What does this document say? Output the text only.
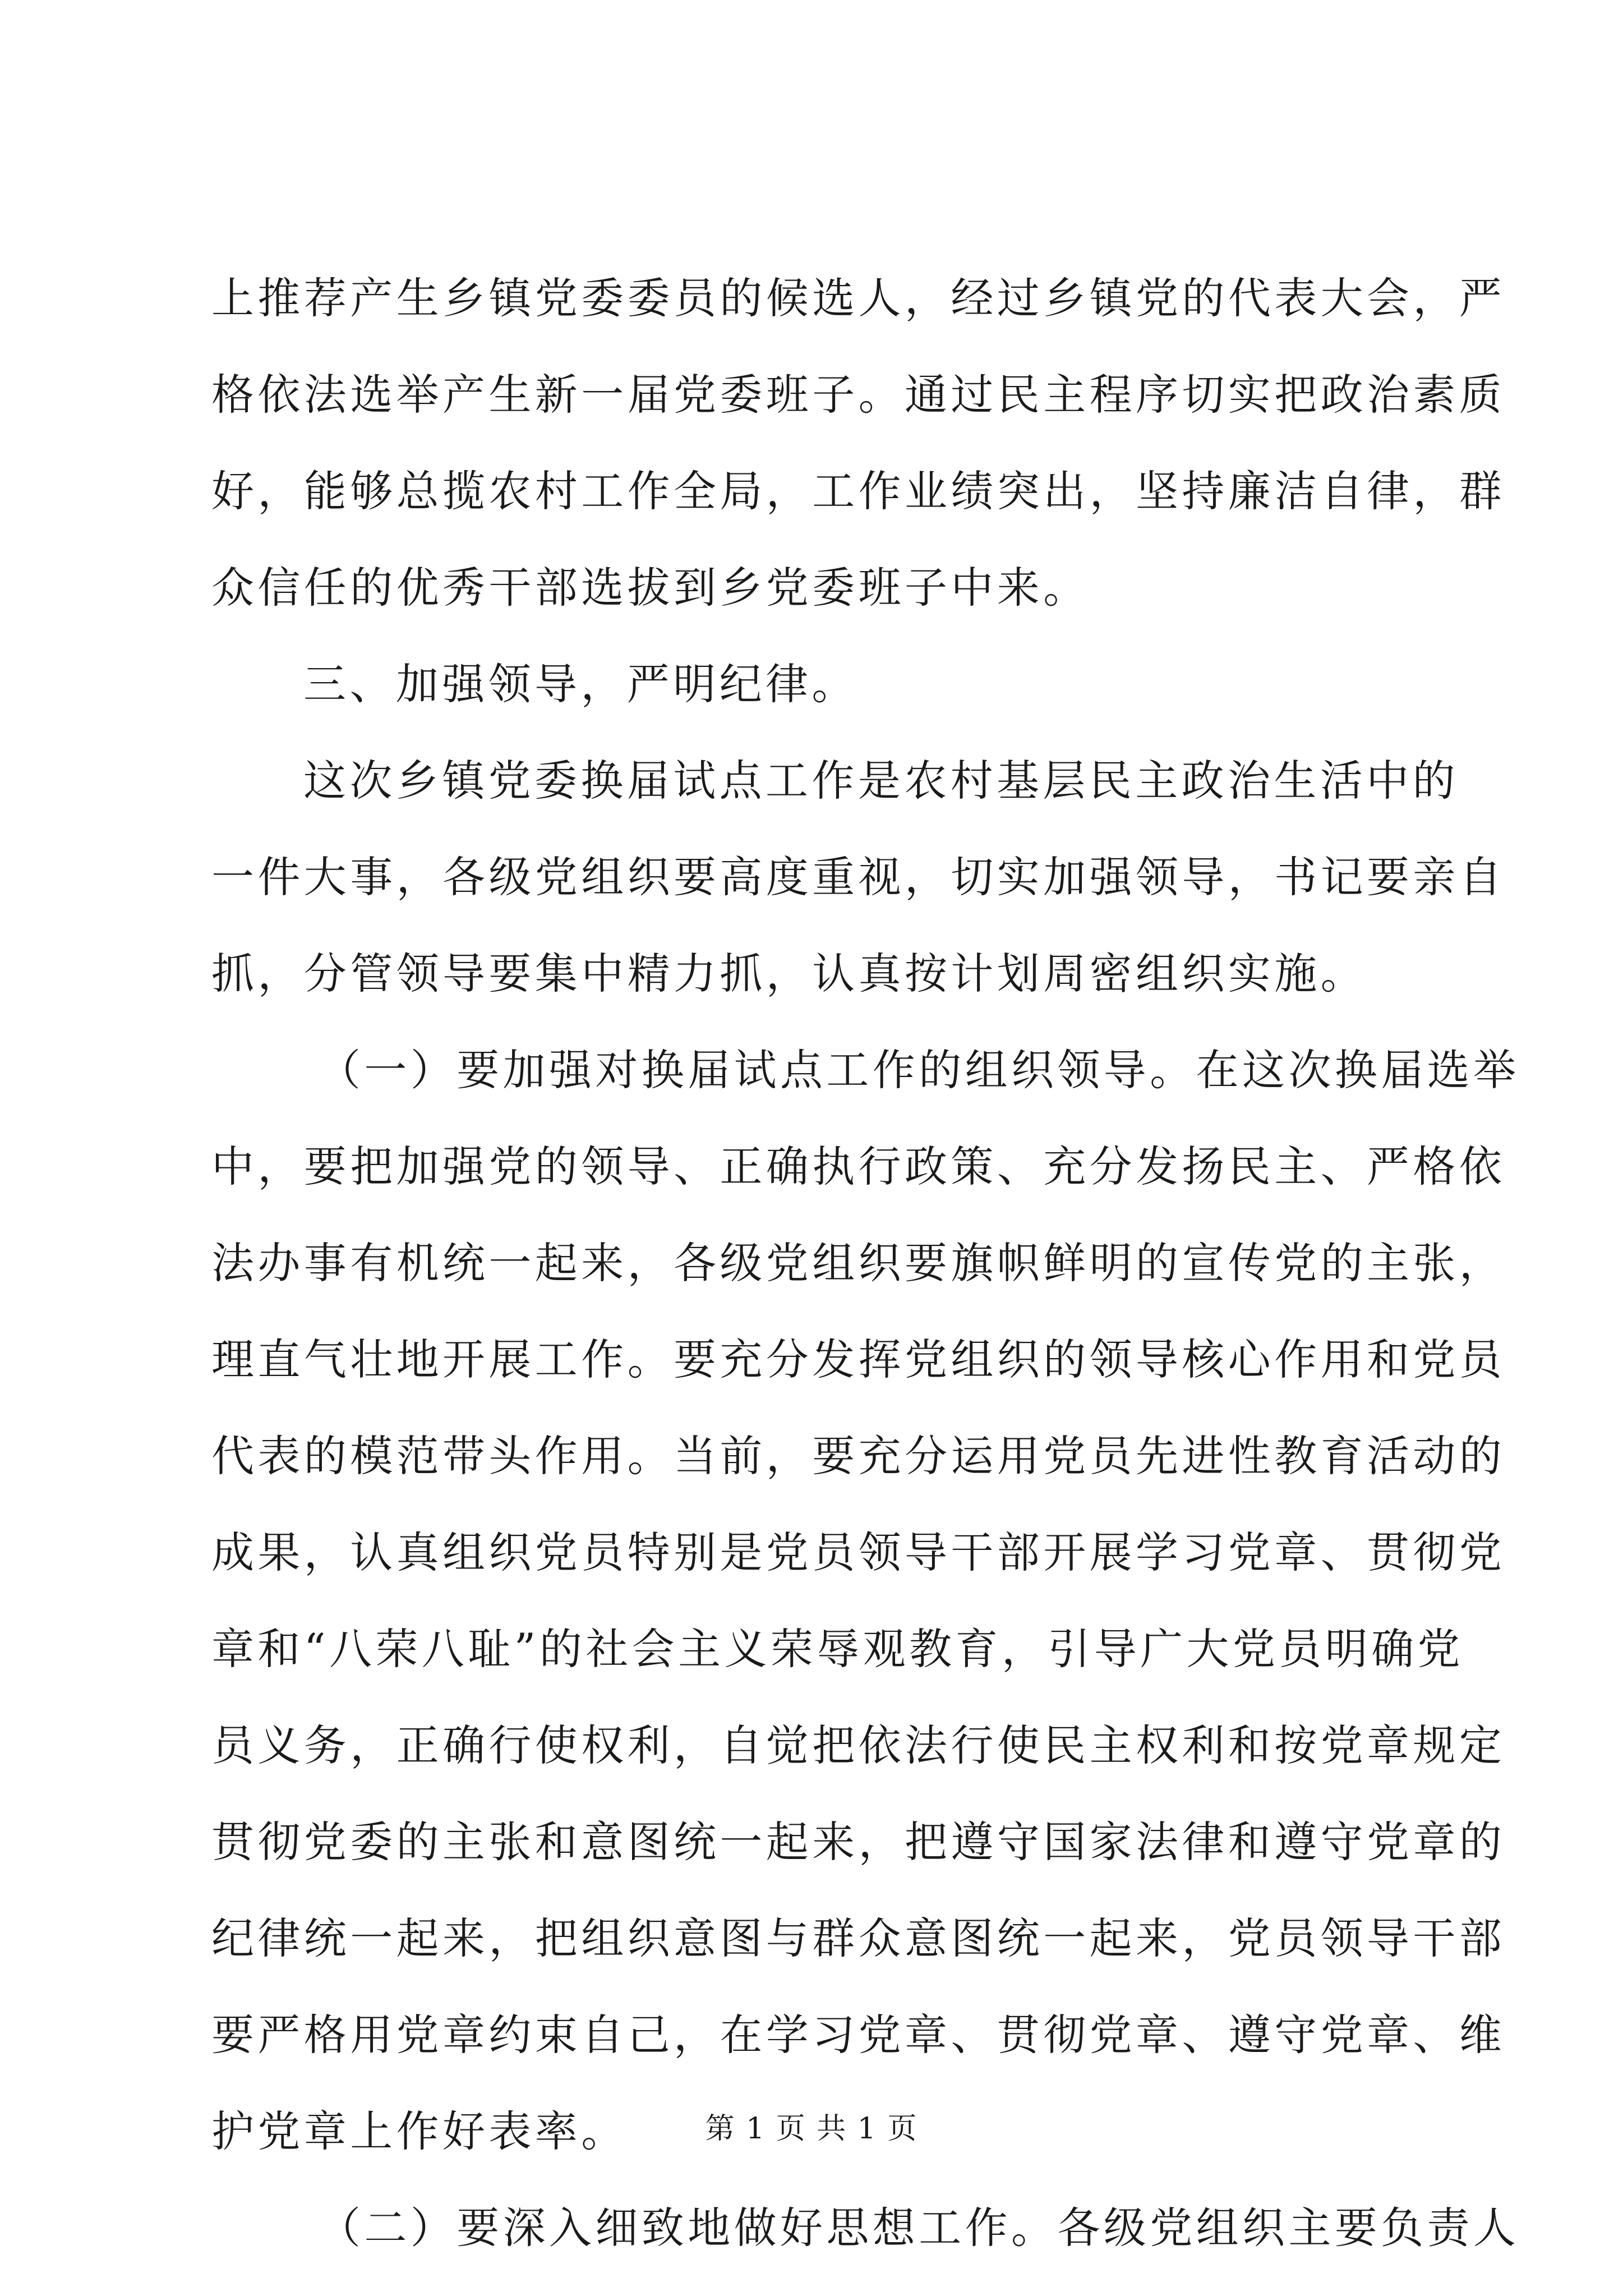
上推荐产生乡镇党委委员的候选人，经过乡镇党的代表大会，严
格依法选举产生新一届党委班子。通过民主程序切实把政治素质
好，能够总揽农村工作全局，工作业绩突出，坚持廉洁自律，群
众信任的优秀干部选拔到乡党委班子中来。
三、加强领导，严明纪律。
这次乡镇党委换届试点工作是农村基层民主政治生活中的
一件大事，各级党组织要高度重视，切实加强领导，书记要亲自
抓，分管领导要集中精力抓，认真按计划周密组织实施。
（一）要加强对换届试点工作的组织领导。在这次换届选举
中，要把加强党的领导、正确执行政策、充分发扬民主、严格依
法办事有机统一起来，各级党组织要旗帜鲜明的宣传党的主张，
理直气壮地开展工作。要充分发挥党组织的领导核心作用和党员
代表的模范带头作用。当前，要充分运用党员先进性教育活动的
成果，认真组织党员特别是党员领导干部开展学习党章、贯彻党
章和“八荣八耻”的社会主义荣辱观教育，引导广大党员明确党
员义务，正确行使权利，自觉把依法行使民主权利和按党章规定
贯彻党委的主张和意图统一起来，把遵守国家法律和遵守党章的
纪律统一起来，把组织意图与群众意图统一起来，党员领导干部
要严格用党章约束自己，在学习党章、贯彻党章、遵守党章、维
护党章上作好表率。
（二）要深入细致地做好思想工作。各级党组织主要负责人
第 1 页 共 1 页
